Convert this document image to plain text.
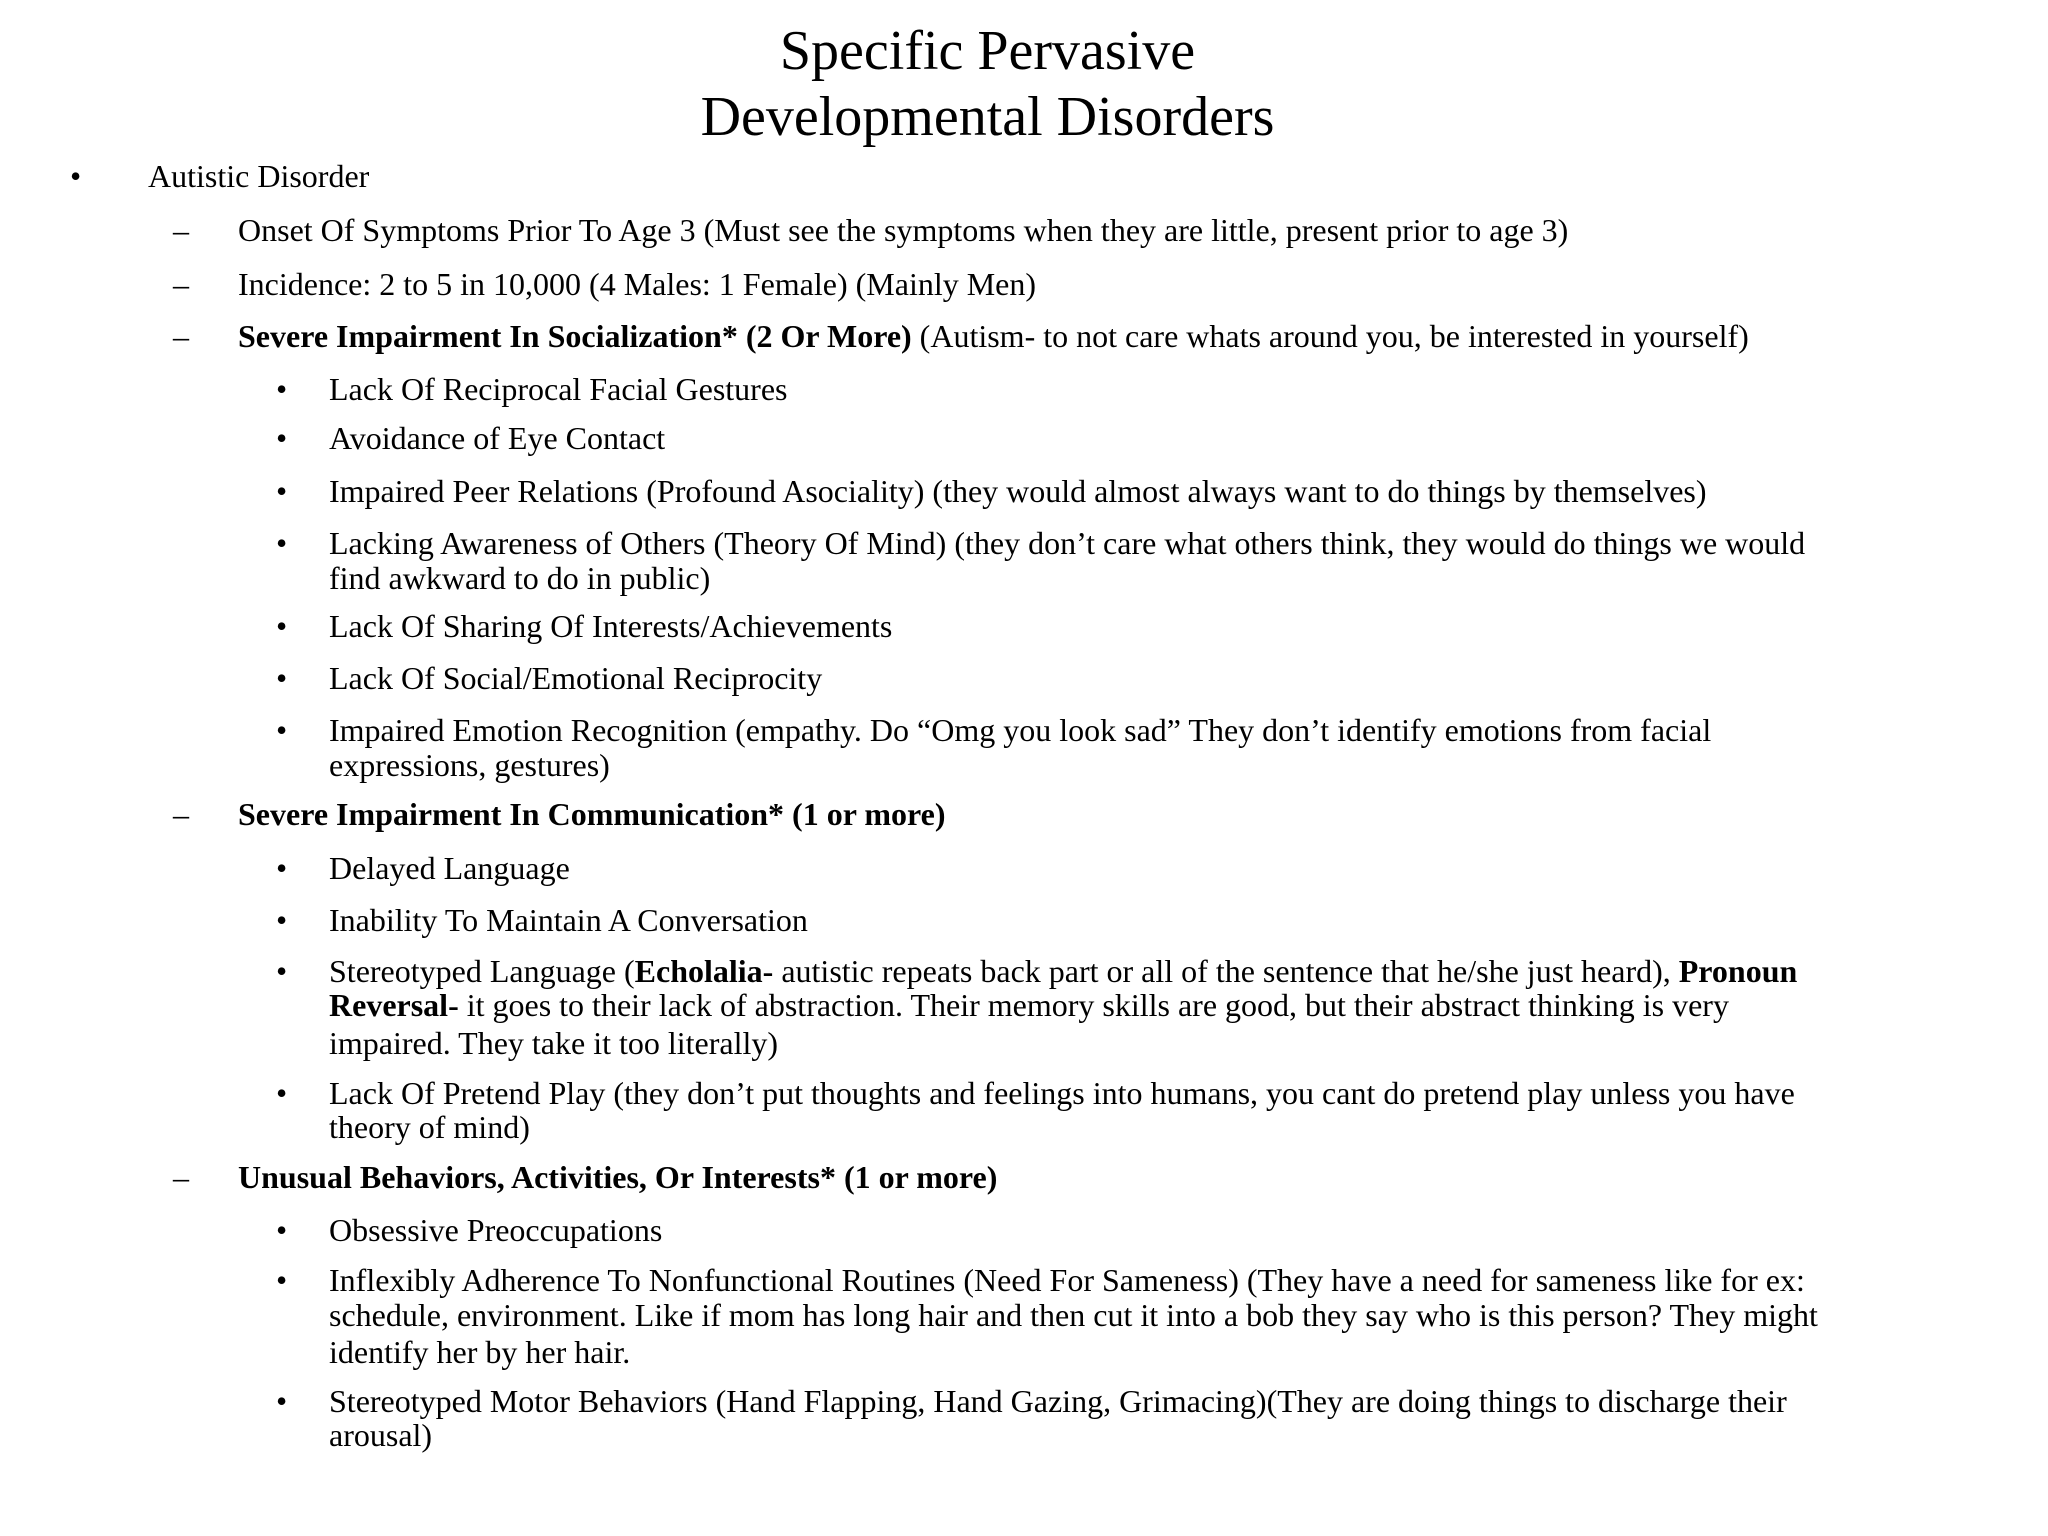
Specific Pervasive
Developmental Disorders
• Autistic Disorder
– Onset Of Symptoms Prior To Age 3 (Must see the symptoms when they are little, present prior to age 3)
– Incidence: 2 to 5 in 10,000 (4 Males: 1 Female) (Mainly Men)
– Severe Impairment In Socialization* (2 Or More) (Autism- to not care whats around you, be interested in yourself)
• Lack Of Reciprocal Facial Gestures
• Avoidance of Eye Contact
• Impaired Peer Relations (Profound Asociality) (they would almost always want to do things by themselves)
• Lacking Awareness of Others (Theory Of Mind) (they don’t care what others think, they would do things we would
find awkward to do in public)
• Lack Of Sharing Of Interests/Achievements
• Lack Of Social/Emotional Reciprocity
• Impaired Emotion Recognition (empathy. Do “Omg you look sad” They don’t identify emotions from facial
expressions, gestures)
– Severe Impairment In Communication* (1 or more)
• Delayed Language
• Inability To Maintain A Conversation
• Stereotyped Language (Echolalia- autistic repeats back part or all of the sentence that he/she just heard), Pronoun
Reversal- it goes to their lack of abstraction. Their memory skills are good, but their abstract thinking is very
impaired. They take it too literally)
• Lack Of Pretend Play (they don’t put thoughts and feelings into humans, you cant do pretend play unless you have
theory of mind)
– Unusual Behaviors, Activities, Or Interests* (1 or more)
• Obsessive Preoccupations
• Inflexibly Adherence To Nonfunctional Routines (Need For Sameness) (They have a need for sameness like for ex:
schedule, environment. Like if mom has long hair and then cut it into a bob they say who is this person? They might
identify her by her hair.
• Stereotyped Motor Behaviors (Hand Flapping, Hand Gazing, Grimacing)(They are doing things to discharge their
arousal)
